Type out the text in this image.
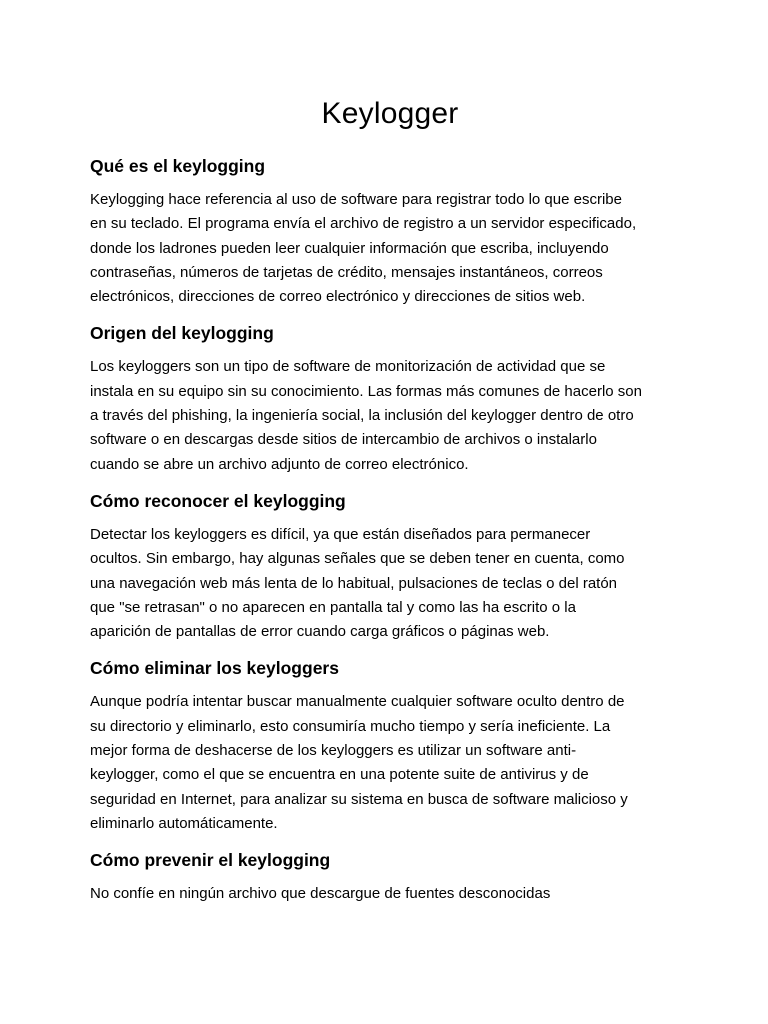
Keylogger
Qué es el keylogging

Keylogging hace referencia al uso de software para registrar todo lo que escribe
en su teclado. El programa envía el archivo de registro a un servidor especificado,
donde los ladrones pueden leer cualquier información que escriba, incluyendo
contraseñas, números de tarjetas de crédito, mensajes instantáneos, correos
electrónicos, direcciones de correo electrónico y direcciones de sitios web.

Origen del keylogging

Los keyloggers son un tipo de software de monitorización de actividad que se
instala en su equipo sin su conocimiento. Las formas más comunes de hacerlo son
a través del phishing, la ingeniería social, la inclusión del keylogger dentro de otro
software o en descargas desde sitios de intercambio de archivos o instalarlo
cuando se abre un archivo adjunto de correo electrónico.

Cómo reconocer el keylogging

Detectar los keyloggers es difícil, ya que están diseñados para permanecer
ocultos. Sin embargo, hay algunas señales que se deben tener en cuenta, como
una navegación web más lenta de lo habitual, pulsaciones de teclas o del ratón
que "se retrasan" o no aparecen en pantalla tal y como las ha escrito o la
aparición de pantallas de error cuando carga gráficos o páginas web.

Cómo eliminar los keyloggers

Aunque podría intentar buscar manualmente cualquier software oculto dentro de
su directorio y eliminarlo, esto consumiría mucho tiempo y sería ineficiente. La
mejor forma de deshacerse de los keyloggers es utilizar un software anti-
keylogger, como el que se encuentra en una potente suite de antivirus y de
seguridad en Internet, para analizar su sistema en busca de software malicioso y
eliminarlo automáticamente.

Cómo prevenir el keylogging

No confíe en ningún archivo que descargue de fuentes desconocidas
